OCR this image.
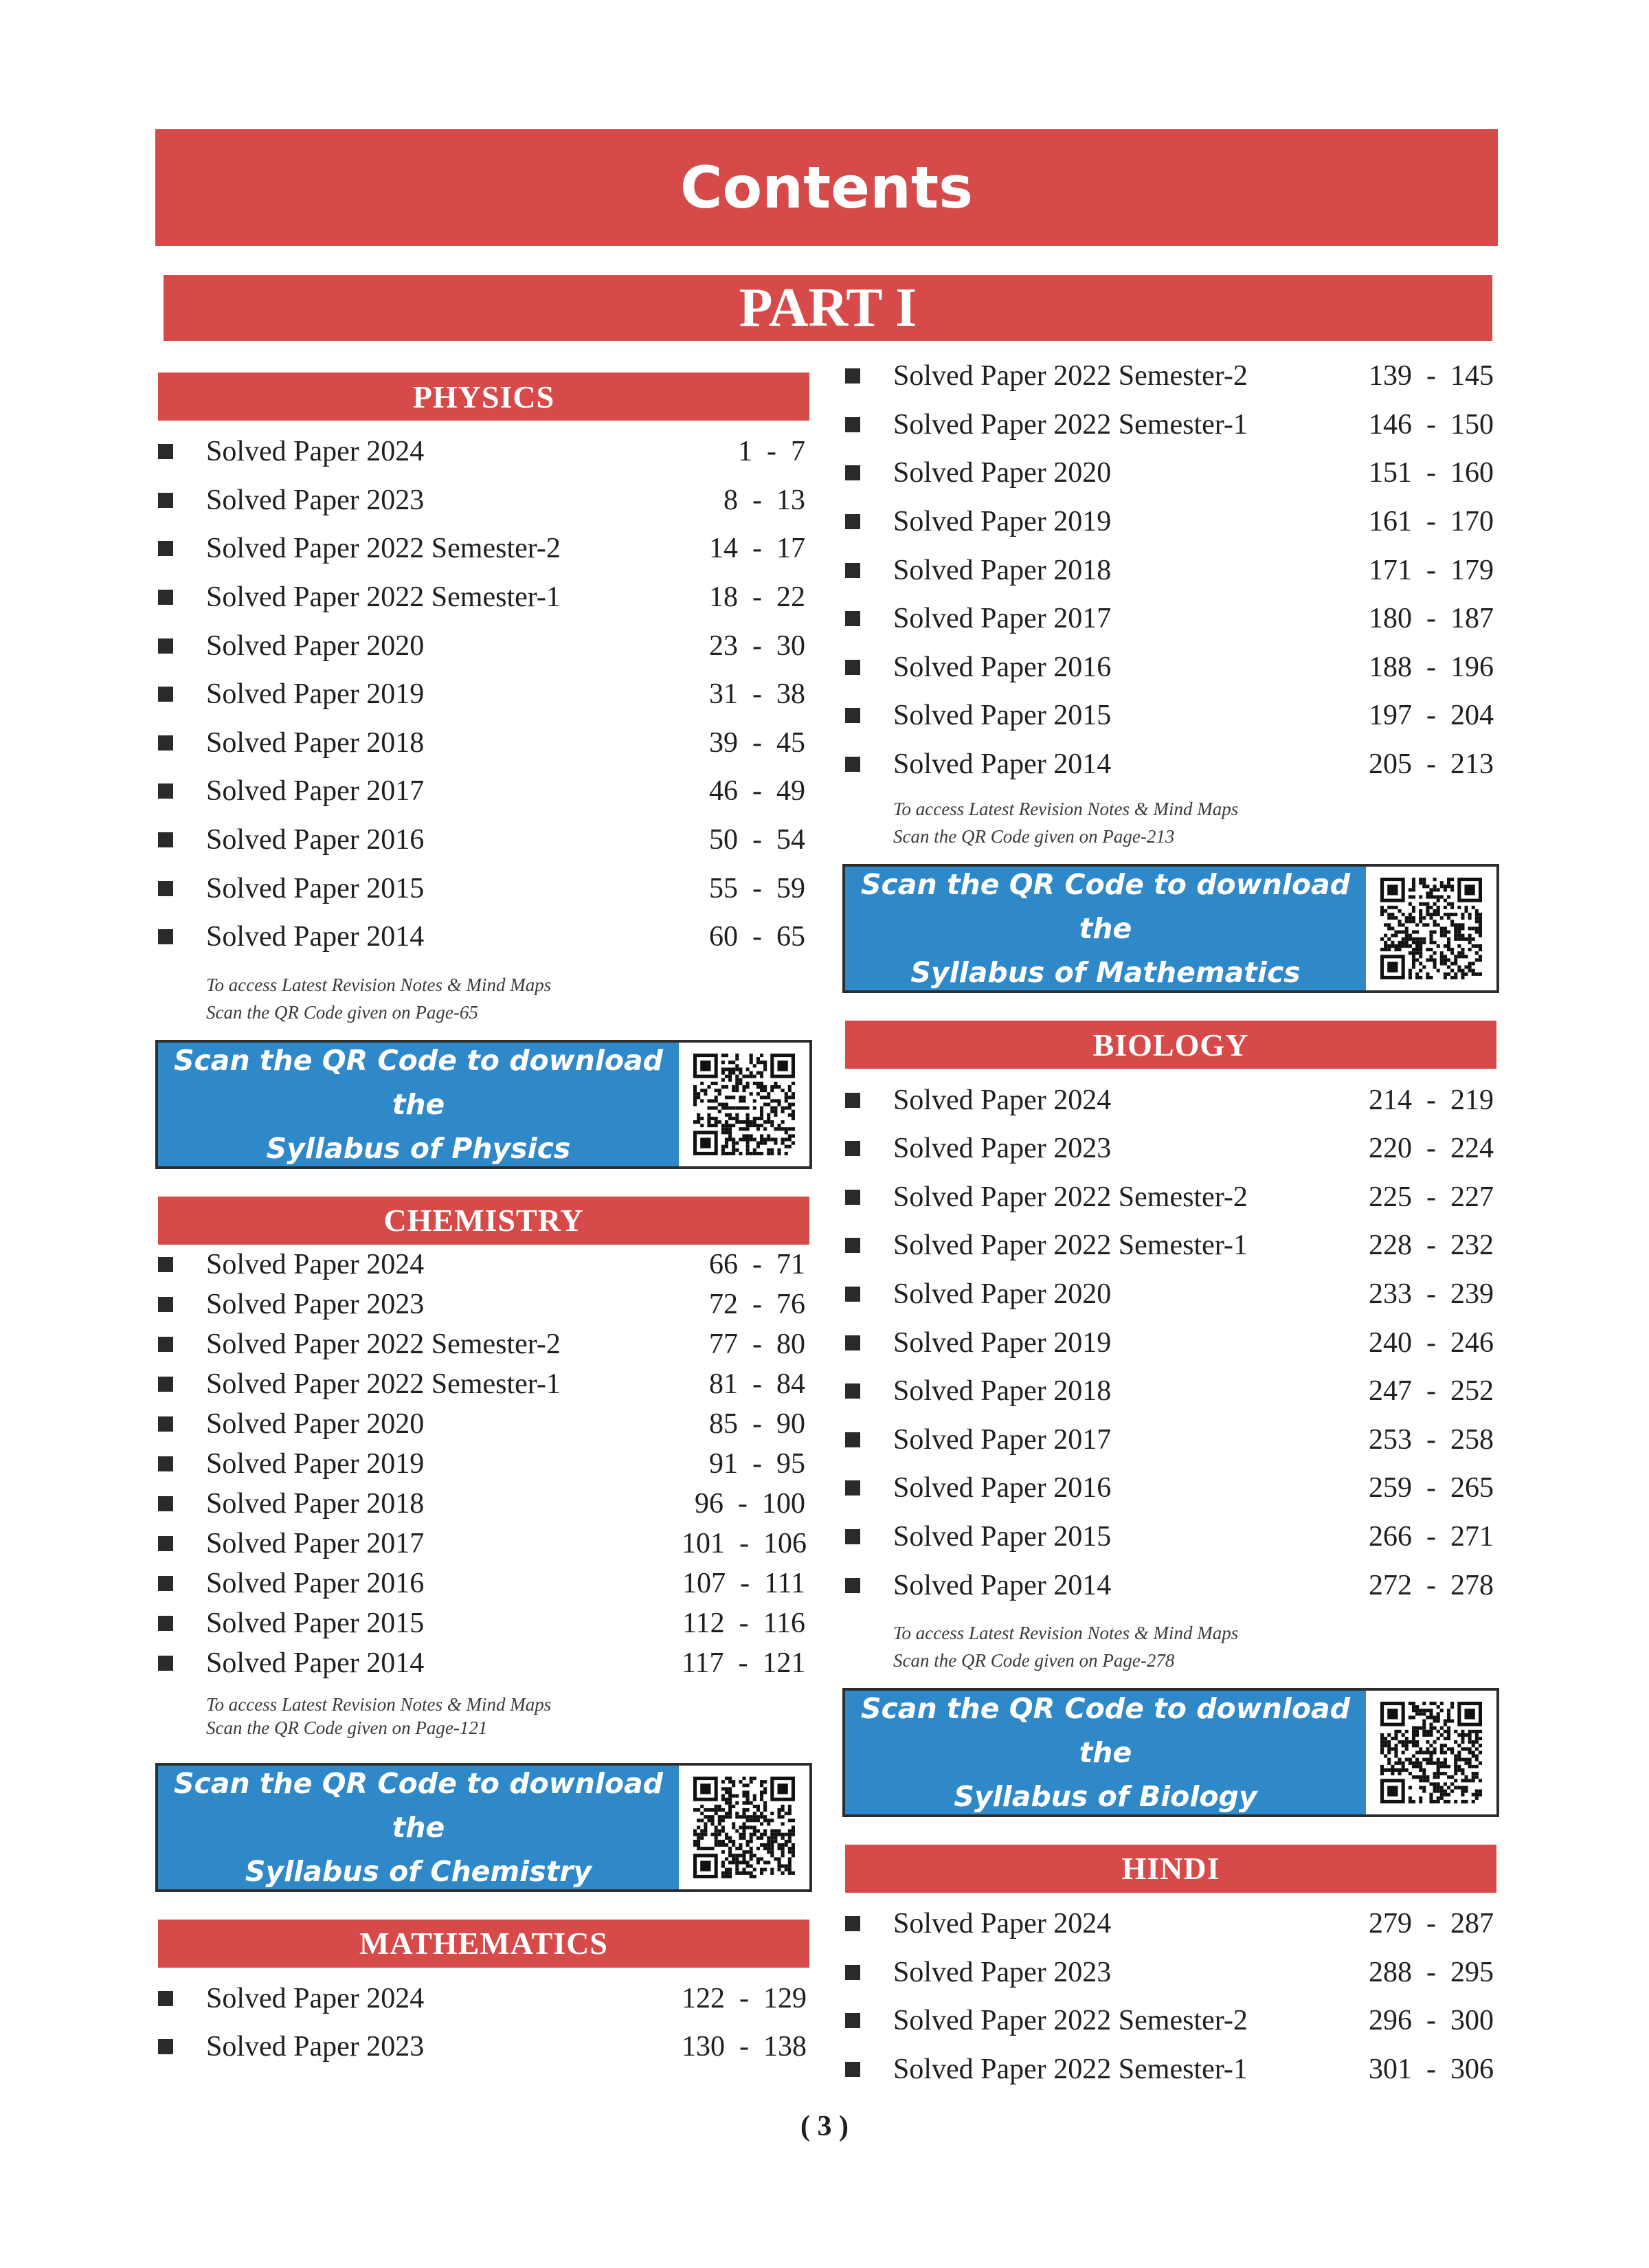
Contents
PART I
PHYSICS
Solved Paper 2024	1  -  7
Solved Paper 2023	8  -  13
Solved Paper 2022 Semester-2	14  -  17
Solved Paper 2022 Semester-1	18  -  22
Solved Paper 2020	23  -  30
Solved Paper 2019	31  -  38
Solved Paper 2018	39  -  45
Solved Paper 2017	46  -  49
Solved Paper 2016	50  -  54
Solved Paper 2015	55  -  59
Solved Paper 2014	60  -  65
To access Latest Revision Notes & Mind Maps
Scan the QR Code given on Page-65
Scan the QR Code to download the
Syllabus of Physics
CHEMISTRY
Solved Paper 2024	66  -  71
Solved Paper 2023	72  -  76
Solved Paper 2022 Semester-2	77  -  80
Solved Paper 2022 Semester-1	81  -  84
Solved Paper 2020	85  -  90
Solved Paper 2019	91  -  95
Solved Paper 2018	96  -  100
Solved Paper 2017	101  -  106
Solved Paper 2016	107  -  111
Solved Paper 2015	112  -  116
Solved Paper 2014	117  -  121
To access Latest Revision Notes & Mind Maps
Scan the QR Code given on Page-121
Scan the QR Code to download the
Syllabus of Chemistry
MATHEMATICS
Solved Paper 2024	122  -  129
Solved Paper 2023	130  -  138
Solved Paper 2022 Semester-2	139  -  145
Solved Paper 2022 Semester-1	146  -  150
Solved Paper 2020	151  -  160
Solved Paper 2019	161  -  170
Solved Paper 2018	171  -  179
Solved Paper 2017	180  -  187
Solved Paper 2016	188  -  196
Solved Paper 2015	197  -  204
Solved Paper 2014	205  -  213
To access Latest Revision Notes & Mind Maps
Scan the QR Code given on Page-213
Scan the QR Code to download the
Syllabus of Mathematics
BIOLOGY
Solved Paper 2024	214  -  219
Solved Paper 2023	220  -  224
Solved Paper 2022 Semester-2	225  -  227
Solved Paper 2022 Semester-1	228  -  232
Solved Paper 2020	233  -  239
Solved Paper 2019	240  -  246
Solved Paper 2018	247  -  252
Solved Paper 2017	253  -  258
Solved Paper 2016	259  -  265
Solved Paper 2015	266  -  271
Solved Paper 2014	272  -  278
To access Latest Revision Notes & Mind Maps
Scan the QR Code given on Page-278
Scan the QR Code to download the
Syllabus of Biology
HINDI
Solved Paper 2024	279  -  287
Solved Paper 2023	288  -  295
Solved Paper 2022 Semester-2	296  -  300
Solved Paper 2022 Semester-1	301  -  306
( 3 )
